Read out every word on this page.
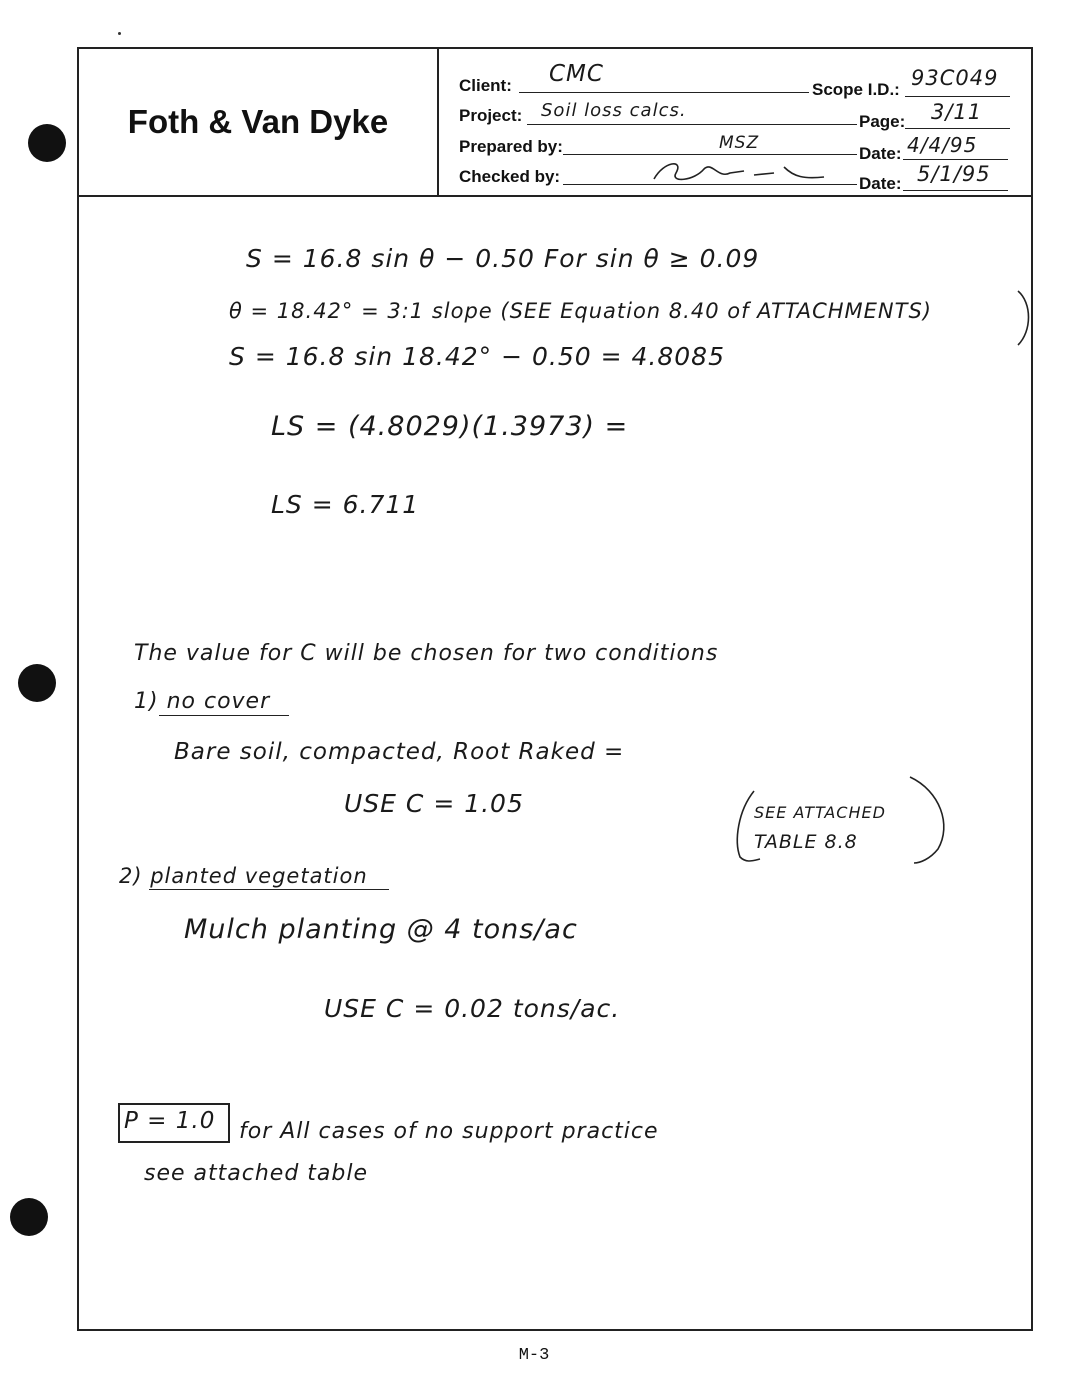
Foth & Van Dyke
Client: CMC
Scope I.D.: 93C049
Project: Soil loss calcs.
Page: 3/11
Prepared by:	MSZ
Date: 4/4/95
Checked by:	Date: 5/1/95
S = 16.8 sin θ − 0.50 For sin θ ≥ 0.09
θ = 18.42° = 3:1 slope (SEE Equation 8.40 of ATTACHMENTS)
S = 16.8 sin 18.42° − 0.50 = 4.8085
LS = (4.8029)(1.3973) =
LS = 6.711
The value for C will be chosen for two conditions
1) no cover
Bare soil, compacted, Root Raked =
USE C = 1.05	SEE ATTACHED
TABLE 8.8
2) planted vegetation
Mulch planting @ 4 tons/ac
USE C = 0.02 tons/ac.
for All cases of no support practice
see attached table
P = 1.0
M-3
